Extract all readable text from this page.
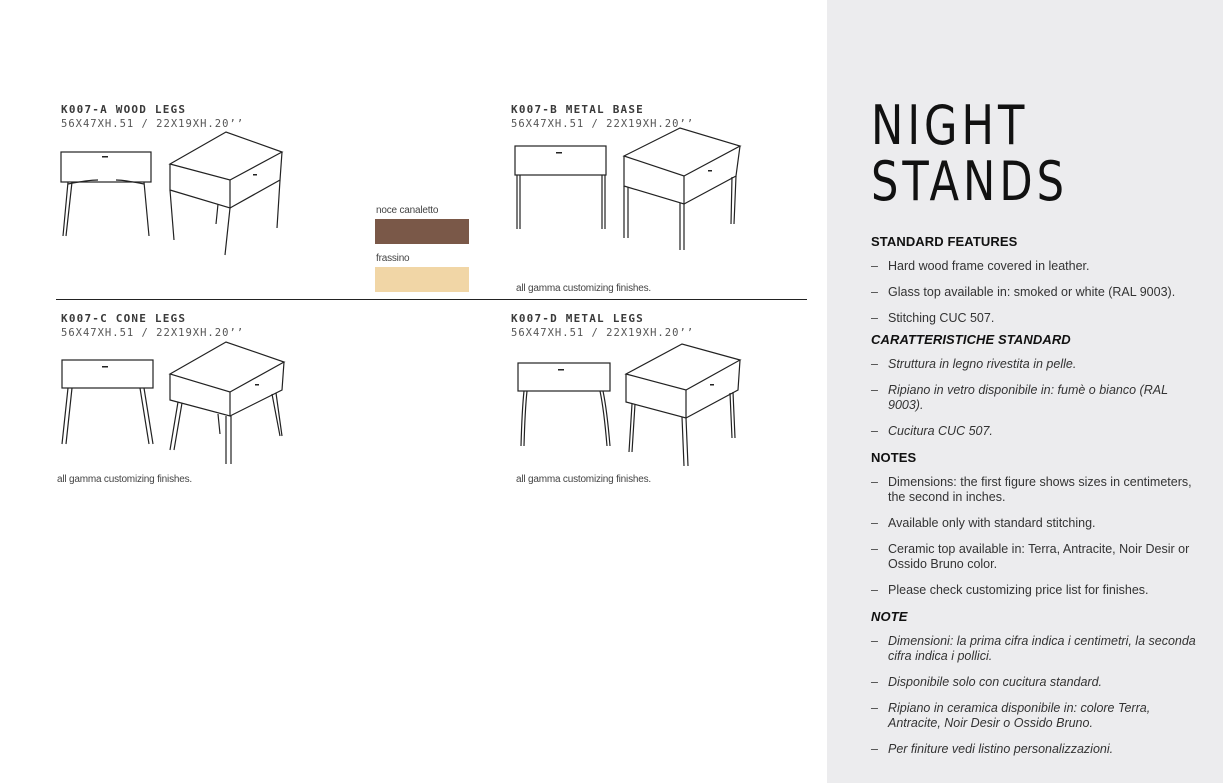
K007-A WOOD LEGS
56X47XH.51 / 22X19XH.20’’
K007-B METAL BASE
56X47XH.51 / 22X19XH.20’’
noce canaletto
frassino
all gamma customizing finishes.
K007-C CONE LEGS
56X47XH.51 / 22X19XH.20’’
all gamma customizing finishes.
K007-D METAL LEGS
56X47XH.51 / 22X19XH.20’’
all gamma customizing finishes.
NIGHT
STANDS
STANDARD FEATURES
– Hard wood frame covered in leather.
– Glass top available in: smoked or white (RAL 9003).
– Stitching CUC 507.
CARATTERISTICHE STANDARD
– Struttura in legno rivestita in pelle.
– Ripiano in vetro disponibile in: fumè o bianco (RAL 9003).
– Cucitura CUC 507.
NOTES
– Dimensions: the first figure shows sizes in centimeters, the second in inches.
– Available only with standard stitching.
– Ceramic top available in: Terra, Antracite, Noir Desir or Ossido Bruno color.
– Please check customizing price list for finishes.
NOTE
– Dimensioni: la prima cifra indica i centimetri, la seconda cifra indica i pollici.
– Disponibile solo con cucitura standard.
– Ripiano in ceramica disponibile in: colore Terra, Antracite, Noir Desir o Ossido Bruno.
– Per finiture vedi listino personalizzazioni.
